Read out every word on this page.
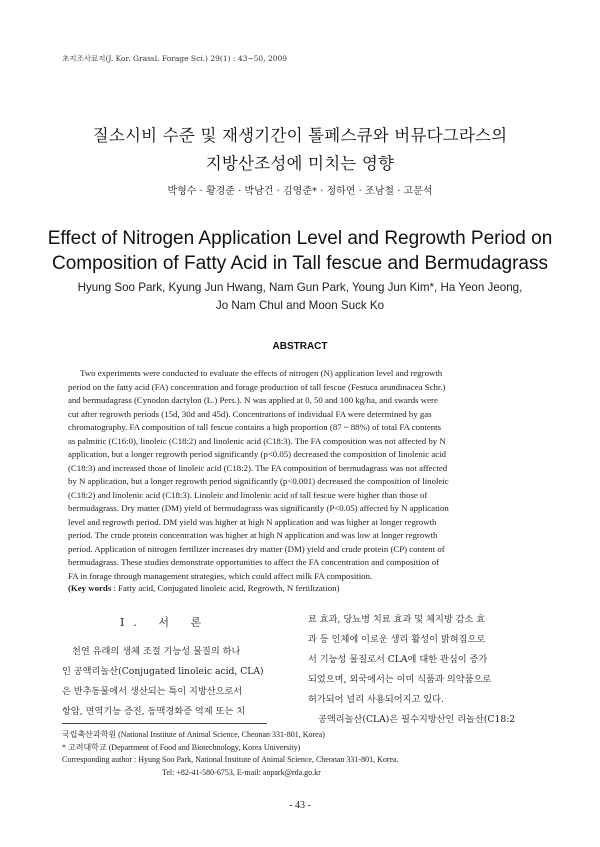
초지조사료지(J. Kor. Grassl. Forage Sci.) 29(1) : 43~50, 2009
질소시비 수준 및 재생기간이 톨페스큐와 버뮤다그라스의
지방산조성에 미치는 영향
박형수 · 황경준 · 박남건 · 김영준* · 정하연 · 조남철 · 고문석
Effect of Nitrogen Application Level and Regrowth Period on
Composition of Fatty Acid in Tall fescue and Bermudagrass
Hyung Soo Park, Kyung Jun Hwang, Nam Gun Park, Young Jun Kim*, Ha Yeon Jeong,
Jo Nam Chul and Moon Suck Ko
ABSTRACT
Two experiments were conducted to evaluate the effects of nitrogen (N) application level and regrowth
period on the fatty acid (FA) concentration and forage production of tall fescue (Festuca arundinacea Schr.)
and bermudagrass (Cynodon dactylon (L.) Pers.). N was applied at 0, 50 and 100 kg/ha, and swards were
cut after regrowth periods (15d, 30d and 45d). Concentrations of individual FA were determined by gas
chromatography. FA composition of tall fescue contains a high proportion (87 ~ 88%) of total FA contents
as palmitic (C16:0), linoleic (C18:2) and linolenic acid (C18:3). The FA composition was not affected by N
application, but a longer regrowth period significantly (p<0.05) decreased the composition of linolenic acid
(C18:3) and increased those of linoleic acid (C18:2). The FA composition of bermudagrass was not affected
by N application, but a longer regrowth period significantly (p<0.001) decreased the composition of linoleic
(C18:2) and linolenic acid (C18:3). Linoleic and linolenic acid of tall fescue were higher than those of
bermudagrass. Dry matter (DM) yield of bermudagrass was significantly (P<0.05) affected by N application
level and regrowth period. DM yield was higher at high N application and was higher at longer regrowth
period. The crude protein concentration was higher at high N application and was low at longer regrowth
period. Application of nitrogen fertilizer increases dry matter (DM) yield and crude protein (CP) content of
bermudagrass. These studies demonstrate opportunities to affect the FA concentration and composition of
FA in forage through management strategies, which could affect milk FA composition.
(Key words : Fatty acid, Conjugated linoleic acid, Regrowth, N fertilization)
I. 서 론
천연 유래의 생체 조절 기능성 물질의 하나
인 공액리놀산(Conjugated linoleic acid, CLA)
은 반추동물에서 생산되는 특이 지방산으로서
항암, 면역기능 증진, 동맥경화증 억제 또는 치
료 효과, 당뇨병 치료 효과 및 체지방 감소 효
과 등 인체에 이로운 생리 활성이 밝혀짐으로
서 기능성 물질로서 CLA에 대한 관심이 증가
되었으며, 외국에서는 이미 식품과 의약품으로
허가되어 널리 사용되어지고 있다.
공액리놀산(CLA)은 필수지방산인 리놀산(C18:2
국립축산과학원 (National Institute of Animal Science, Cheonan 331-801, Korea)
* 고려대학교 (Department of Food and Biotechnology, Korea University)
Corresponding author : Hyung Soo Park, National Institute of Animal Science, Cheonan 331-801, Korea.
Tel: +82-41-580-6753, E-mail: anpark@rda.go.kr
- 43 -
